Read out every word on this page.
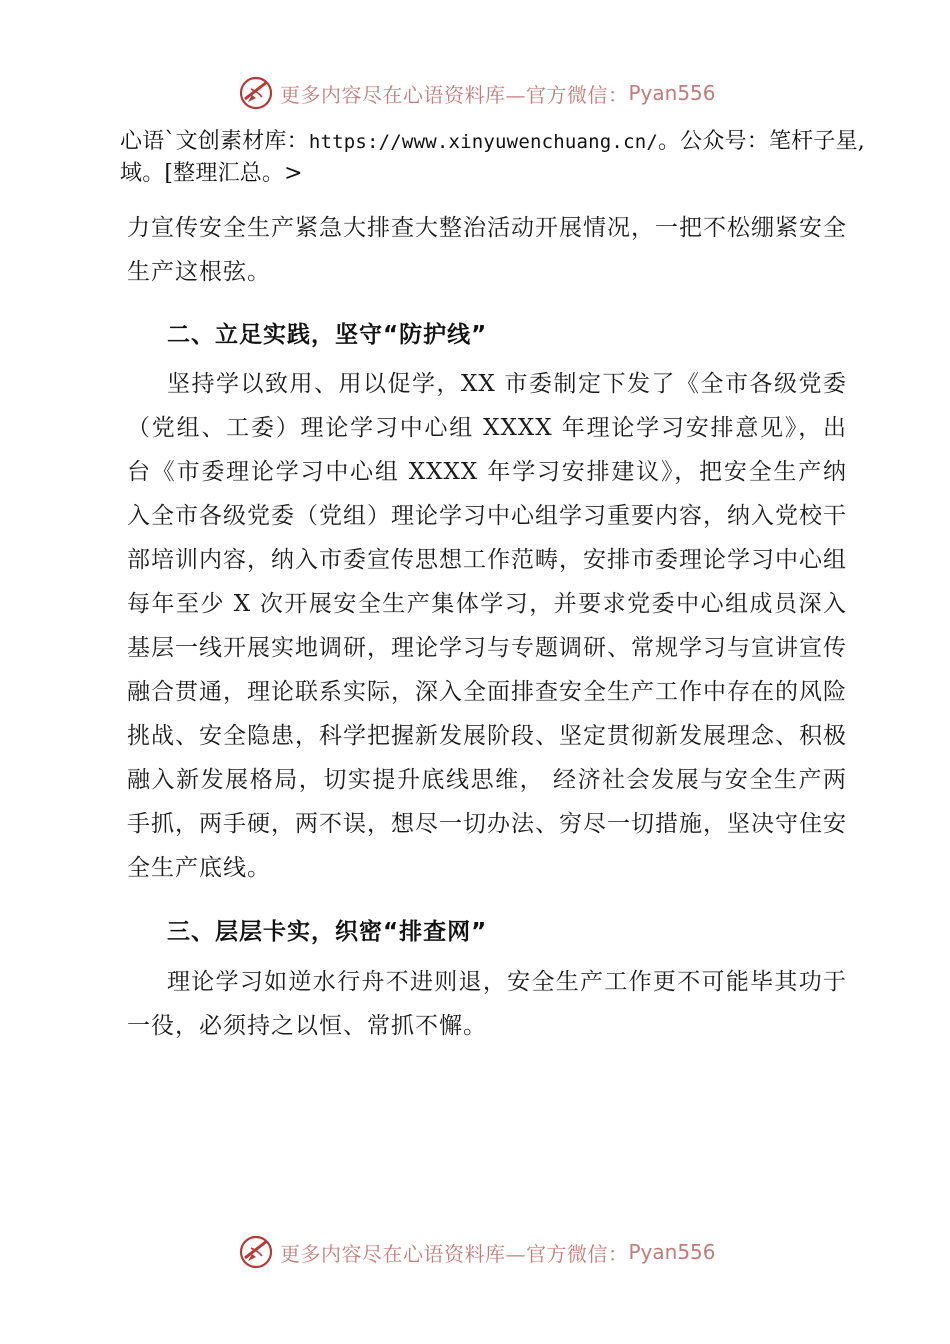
更多内容尽在心语资料库—官方微信： Pyan556
心语`文创素材库：https://www.xinyuwenchuang.cn/。公众号：笔杆子星,域。[整理汇总。>

力宣传安全生产紧急大排查大整治活动开展情况，一把不松绷紧安全生产这根弦。

二、立足实践，坚守“防护线”

坚持学以致用、用以促学，XX 市委制定下发了《全市各级党委（党组、工委）理论学习中心组 XXXX 年理论学习安排意见》，出台《市委理论学习中心组 XXXX 年学习安排建议》，把安全生产纳入全市各级党委（党组）理论学习中心组学习重要内容，纳入党校干部培训内容，纳入市委宣传思想工作范畴，安排市委理论学习中心组每年至少 X 次开展安全生产集体学习，并要求党委中心组成员深入基层一线开展实地调研，理论学习与专题调研、常规学习与宣讲宣传融合贯通，理论联系实际，深入全面排查安全生产工作中存在的风险挑战、安全隐患，科学把握新发展阶段、坚定贯彻新发展理念、积极融入新发展格局，切实提升底线思维， 经济社会发展与安全生产两手抓，两手硬，两不误，想尽一切办法、穷尽一切措施，坚决守住安全生产底线。

三、层层卡实，织密“排查网”

理论学习如逆水行舟不进则退，安全生产工作更不可能毕其功于一役，必须持之以恒、常抓不懈。

更多内容尽在心语资料库—官方微信： Pyan556
